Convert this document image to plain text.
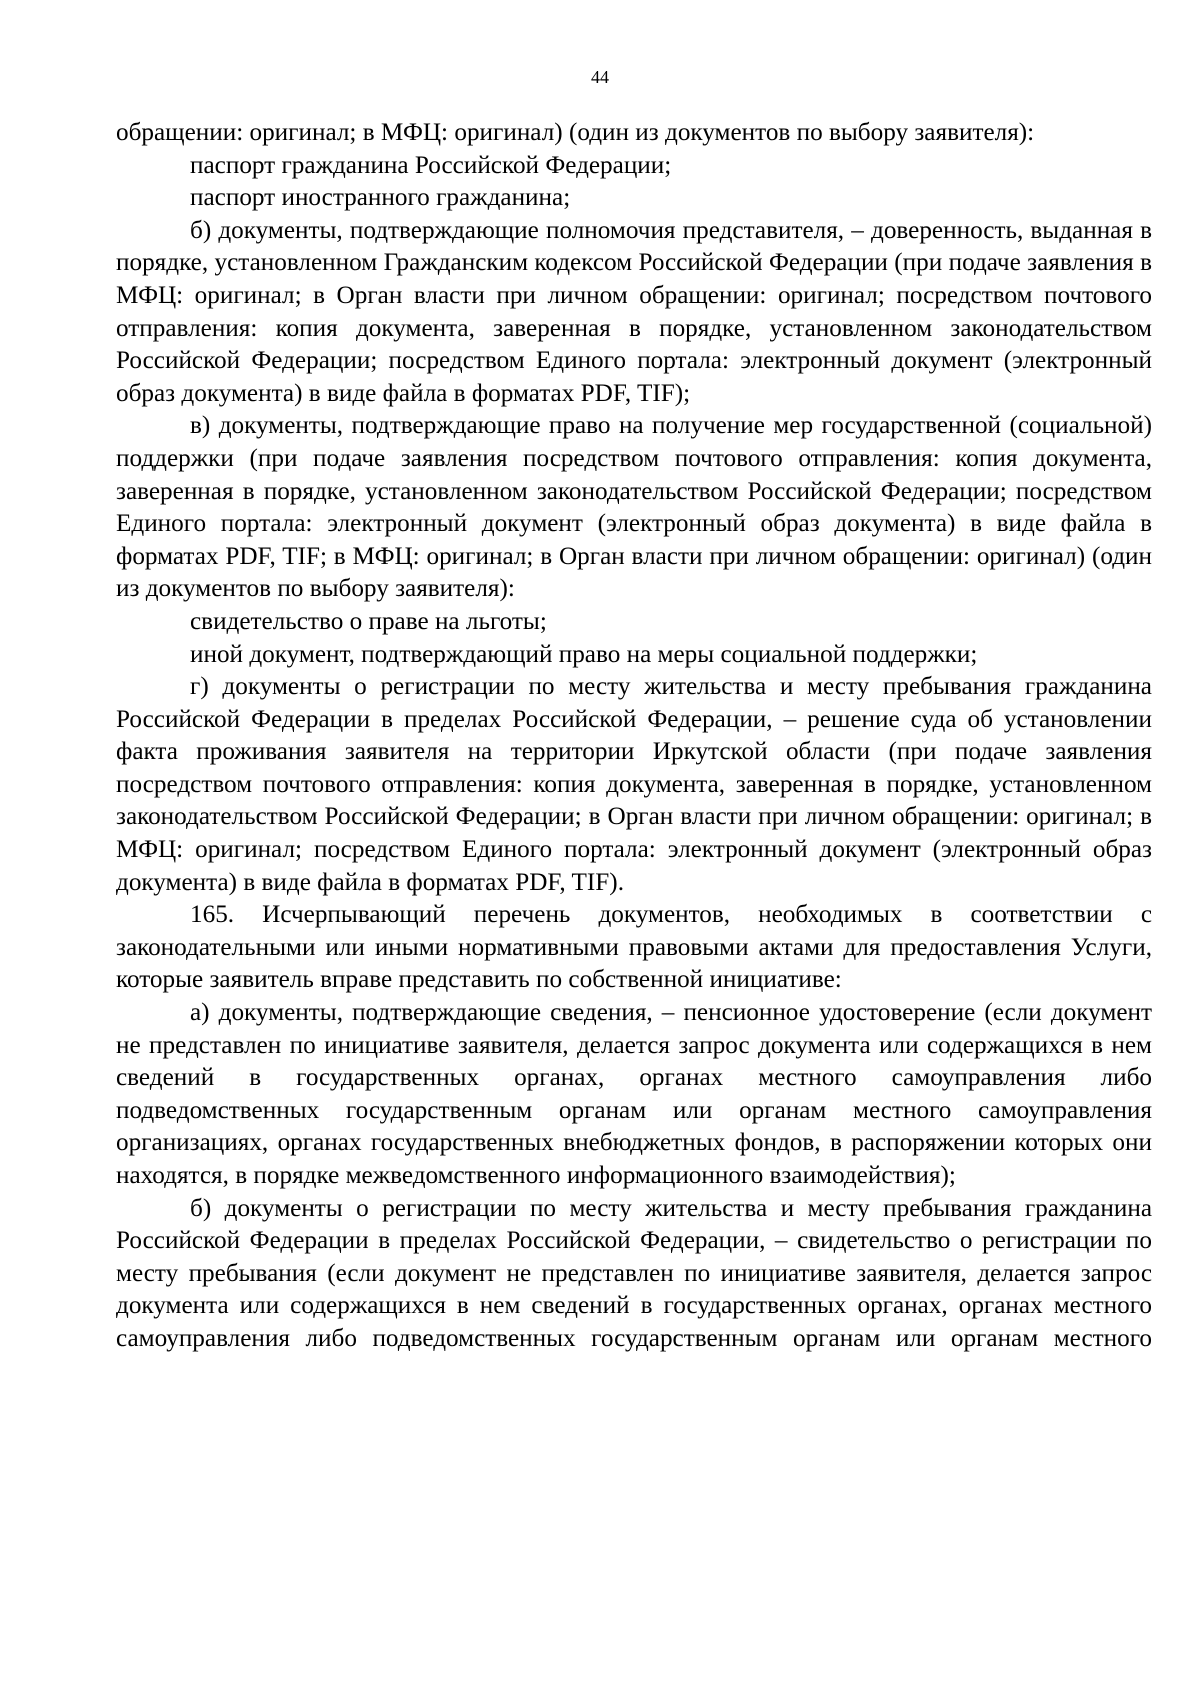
44

обращении: оригинал; в МФЦ: оригинал) (один из документов по выбору заявителя):

паспорт гражданина Российской Федерации;

паспорт иностранного гражданина;

б) документы, подтверждающие полномочия представителя, – доверенность, выданная в порядке, установленном Гражданским кодексом Российской Федерации (при подаче заявления в МФЦ: оригинал; в Орган власти при личном обращении: оригинал; посредством почтового отправления: копия документа, заверенная в порядке, установленном законодательством Российской Федерации; посредством Единого портала: электронный документ (электронный образ документа) в виде файла в форматах PDF, TIF);

в) документы, подтверждающие право на получение мер государственной (социальной) поддержки (при подаче заявления посредством почтового отправления: копия документа, заверенная в порядке, установленном законодательством Российской Федерации; посредством Единого портала: электронный документ (электронный образ документа) в виде файла в форматах PDF, TIF; в МФЦ: оригинал; в Орган власти при личном обращении: оригинал) (один из документов по выбору заявителя):

свидетельство о праве на льготы;

иной документ, подтверждающий право на меры социальной поддержки;

г) документы о регистрации по месту жительства и месту пребывания гражданина Российской Федерации в пределах Российской Федерации, – решение суда об установлении факта проживания заявителя на территории Иркутской области (при подаче заявления посредством почтового отправления: копия документа, заверенная в порядке, установленном законодательством Российской Федерации; в Орган власти при личном обращении: оригинал; в МФЦ: оригинал; посредством Единого портала: электронный документ (электронный образ документа) в виде файла в форматах PDF, TIF).

165. Исчерпывающий перечень документов, необходимых в соответствии с законодательными или иными нормативными правовыми актами для предоставления Услуги, которые заявитель вправе представить по собственной инициативе:

а) документы, подтверждающие сведения, – пенсионное удостоверение (если документ не представлен по инициативе заявителя, делается запрос документа или содержащихся в нем сведений в государственных органах, органах местного самоуправления либо подведомственных государственным органам или органам местного самоуправления организациях, органах государственных внебюджетных фондов, в распоряжении которых они находятся, в порядке межведомственного информационного взаимодействия);

б) документы о регистрации по месту жительства и месту пребывания гражданина Российской Федерации в пределах Российской Федерации, – свидетельство о регистрации по месту пребывания (если документ не представлен по инициативе заявителя, делается запрос документа или содержащихся в нем сведений в государственных органах, органах местного самоуправления либо подведомственных государственным органам или органам местного
